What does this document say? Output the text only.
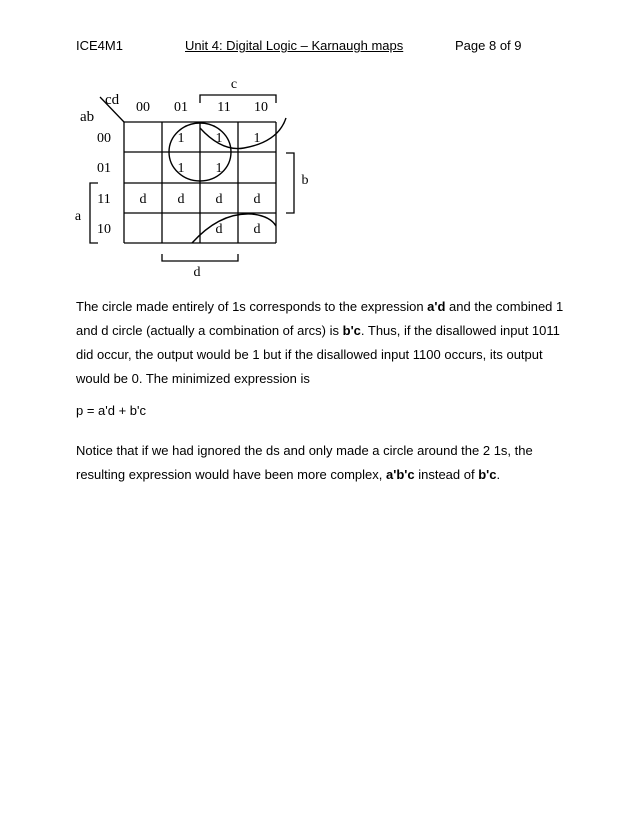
ICE4M1	Unit 4: Digital Logic – Karnaugh maps	Page 8 of 9
cd
ab
00 01 11 10
00
01
11
10
1 1 1
1 1
d d d d
d d
c
b
a
d

The circle made entirely of 1s corresponds to the expression a'd and the combined 1 and d circle (actually a combination of arcs) is b'c. Thus, if the disallowed input 1011 did occur, the output would be 1 but if the disallowed input 1100 occurs, its output would be 0. The minimized expression is

p = a'd + b'c

Notice that if we had ignored the ds and only made a circle around the 2 1s, the resulting expression would have been more complex, a'b'c instead of b'c.
